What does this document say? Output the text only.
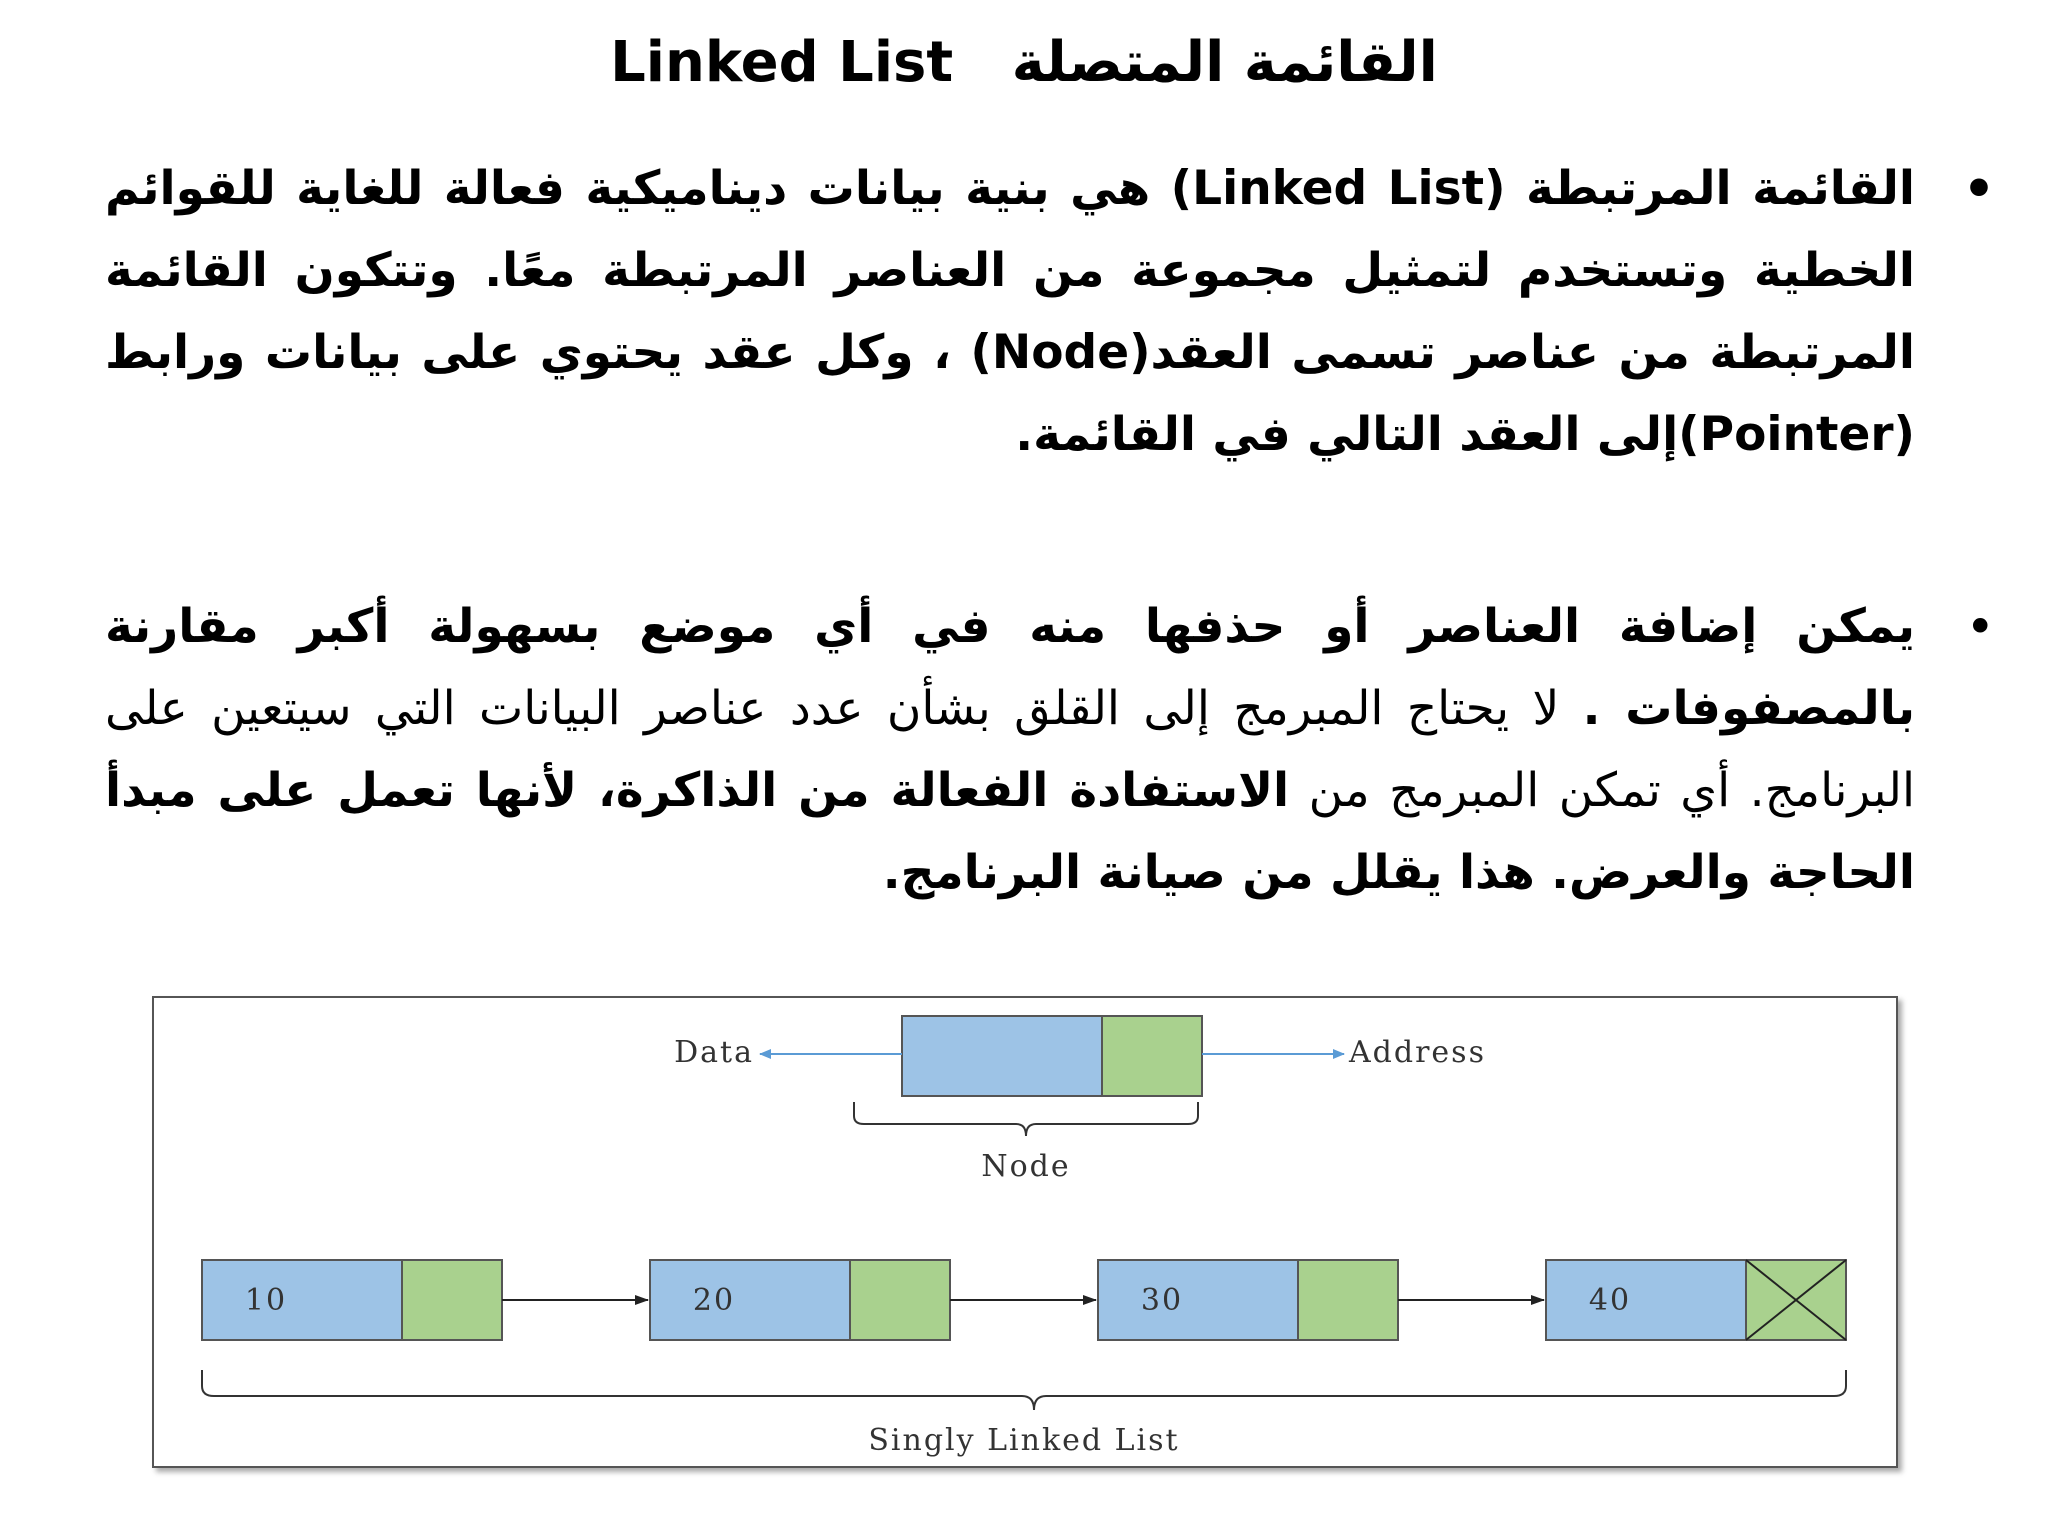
القائمة المتصلة   Linked List

•
القائمة المرتبطة (Linked List) هي بنية بيانات ديناميكية فعالة للغاية للقوائم الخطية وتستخدم لتمثيل مجموعة من العناصر المرتبطة معًا. وتتكون القائمة المرتبطة من عناصر تسمى العقد(Node) ، وكل عقد يحتوي على بيانات ورابط (Pointer)إلى العقد التالي في القائمة.

•
يمكن إضافة العناصر أو حذفها منه في أي موضع بسهولة أكبر مقارنة بالمصفوفات . لا يحتاج المبرمج إلى القلق بشأن عدد عناصر البيانات التي سيتعين على البرنامج. أي تمكن المبرمج من الاستفادة الفعالة من الذاكرة، لأنها تعمل على مبدأ الحاجة والعرض. هذا يقلل من صيانة البرنامج.

Data	Address
Node
10	20	30	40
Singly Linked List
